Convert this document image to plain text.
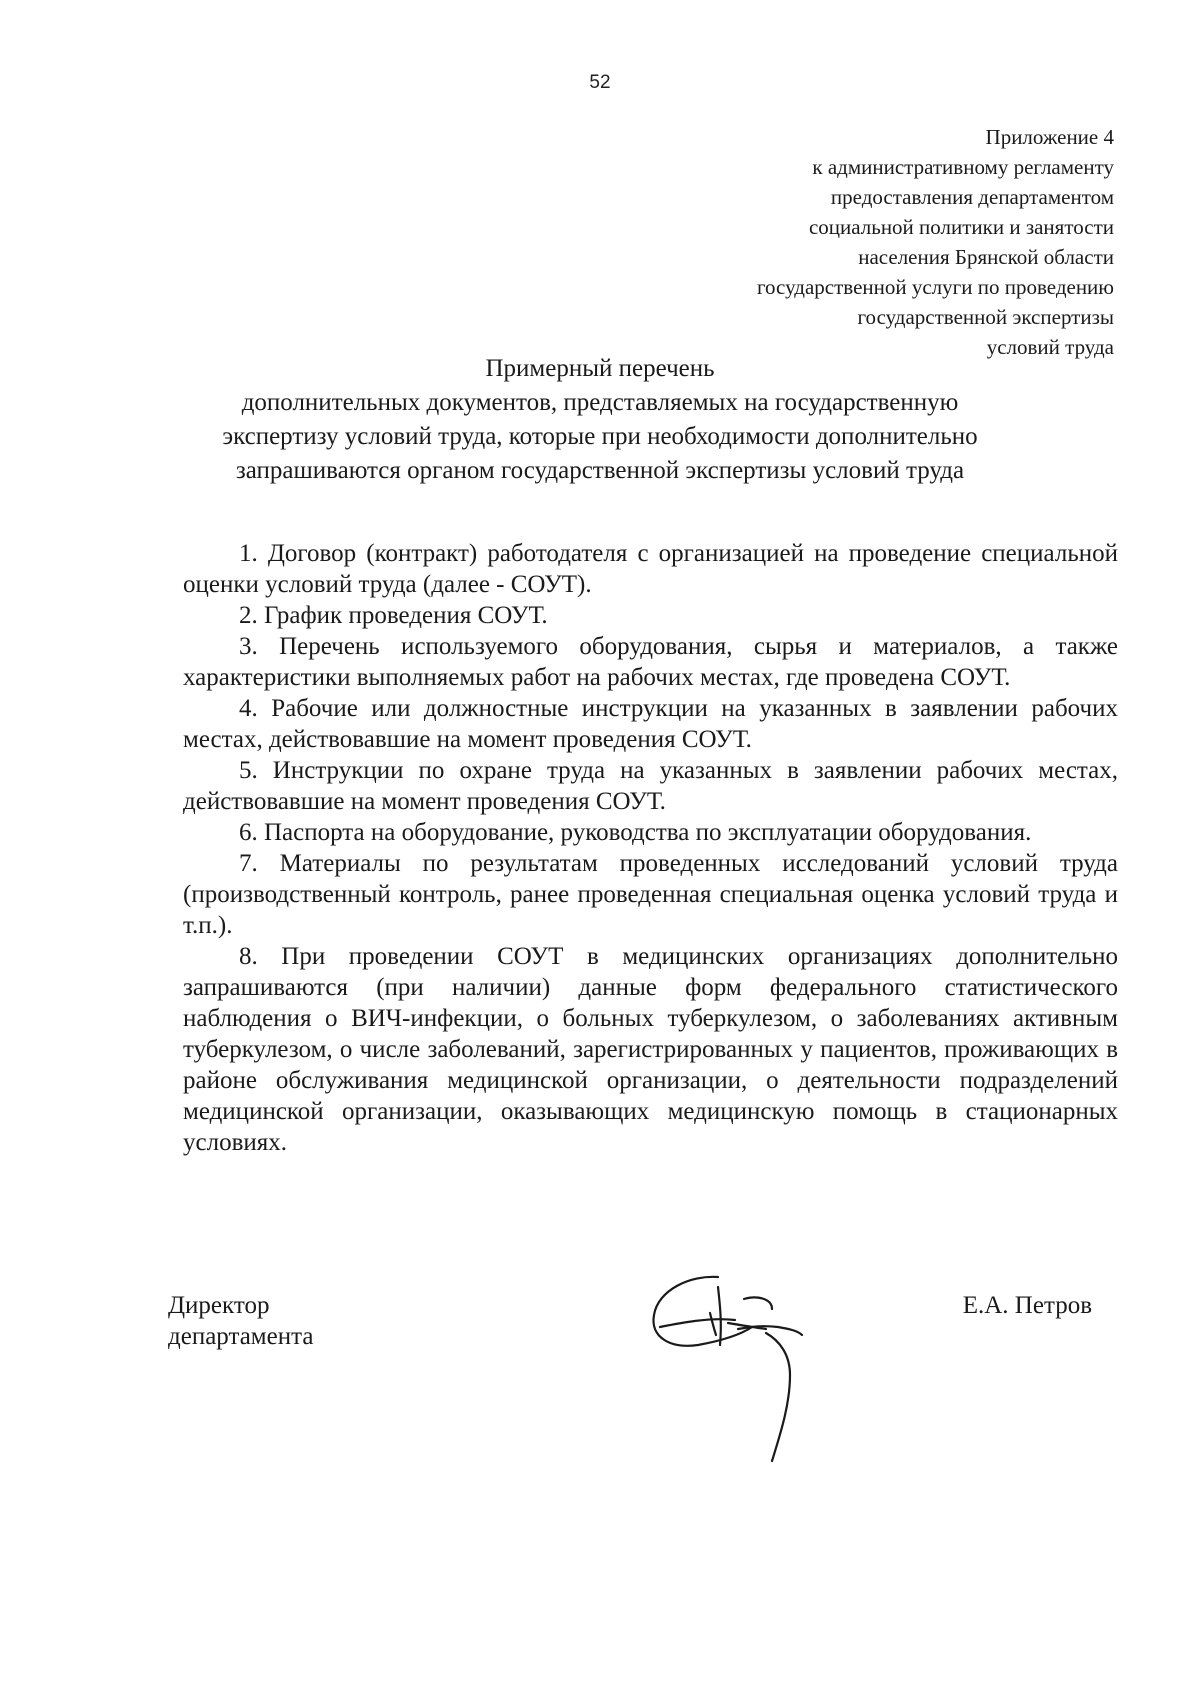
52
Приложение 4
к административному регламенту
предоставления департаментом
социальной политики и занятости
населения Брянской области
государственной услуги по проведению
государственной экспертизы
условий труда
Примерный перечень
дополнительных документов, представляемых на государственную
экспертизу условий труда, которые при необходимости дополнительно
запрашиваются органом государственной экспертизы условий труда

1. Договор (контракт) работодателя с организацией на проведение специальной оценки условий труда (далее - СОУТ).

2. График проведения СОУТ.

3. Перечень используемого оборудования, сырья и материалов, а также характеристики выполняемых работ на рабочих местах, где проведена СОУТ.

4. Рабочие или должностные инструкции на указанных в заявлении рабочих местах, действовавшие на момент проведения СОУТ.

5. Инструкции по охране труда на указанных в заявлении рабочих местах, действовавшие на момент проведения СОУТ.

6. Паспорта на оборудование, руководства по эксплуатации оборудования.

7. Материалы по результатам проведенных исследований условий труда (производственный контроль, ранее проведенная специальная оценка условий труда и т.п.).

8. При проведении СОУТ в медицинских организациях дополнительно запрашиваются (при наличии) данные форм федерального статистического наблюдения о ВИЧ-инфекции, о больных туберкулезом, о заболеваниях активным туберкулезом, о числе заболеваний, зарегистрированных у пациентов, проживающих в районе обслуживания медицинской организации, о деятельности подразделений медицинской организации, оказывающих медицинскую помощь в стационарных условиях.

Директор
департамента
Е.А. Петров
